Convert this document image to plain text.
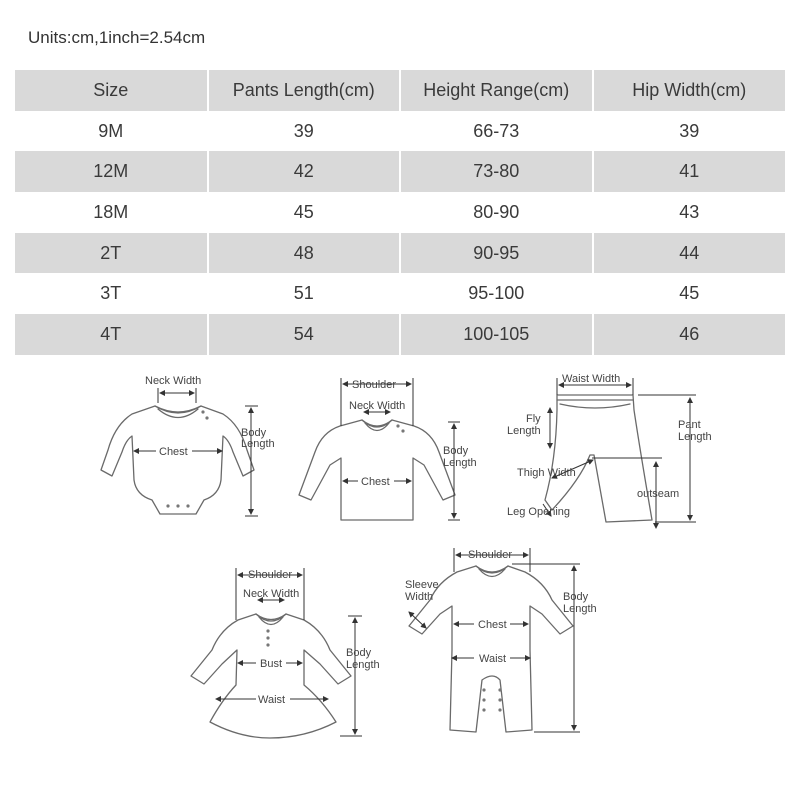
Units:cm,1inch=2.54cm
Size	Pants Length(cm)	Height Range(cm)	Hip Width(cm)
9M	39	66-73	39
12M	42	73-80	41
18M	45	80-90	43
2T	48	90-95	44
3T	51	95-100	45
4T	54	100-105	46
Neck Width
Chest
Body
Length
Shoulder
Neck Width
Chest
Body
Length
Waist Width
Fly
Length	Pant
Length
Thigh Width
outseam
Leg Opening
Shoulder
Neck Width
Bust
Waist
Body
Length
Shoulder
Sleeve
Width
Chest
Waist
Body
Length
